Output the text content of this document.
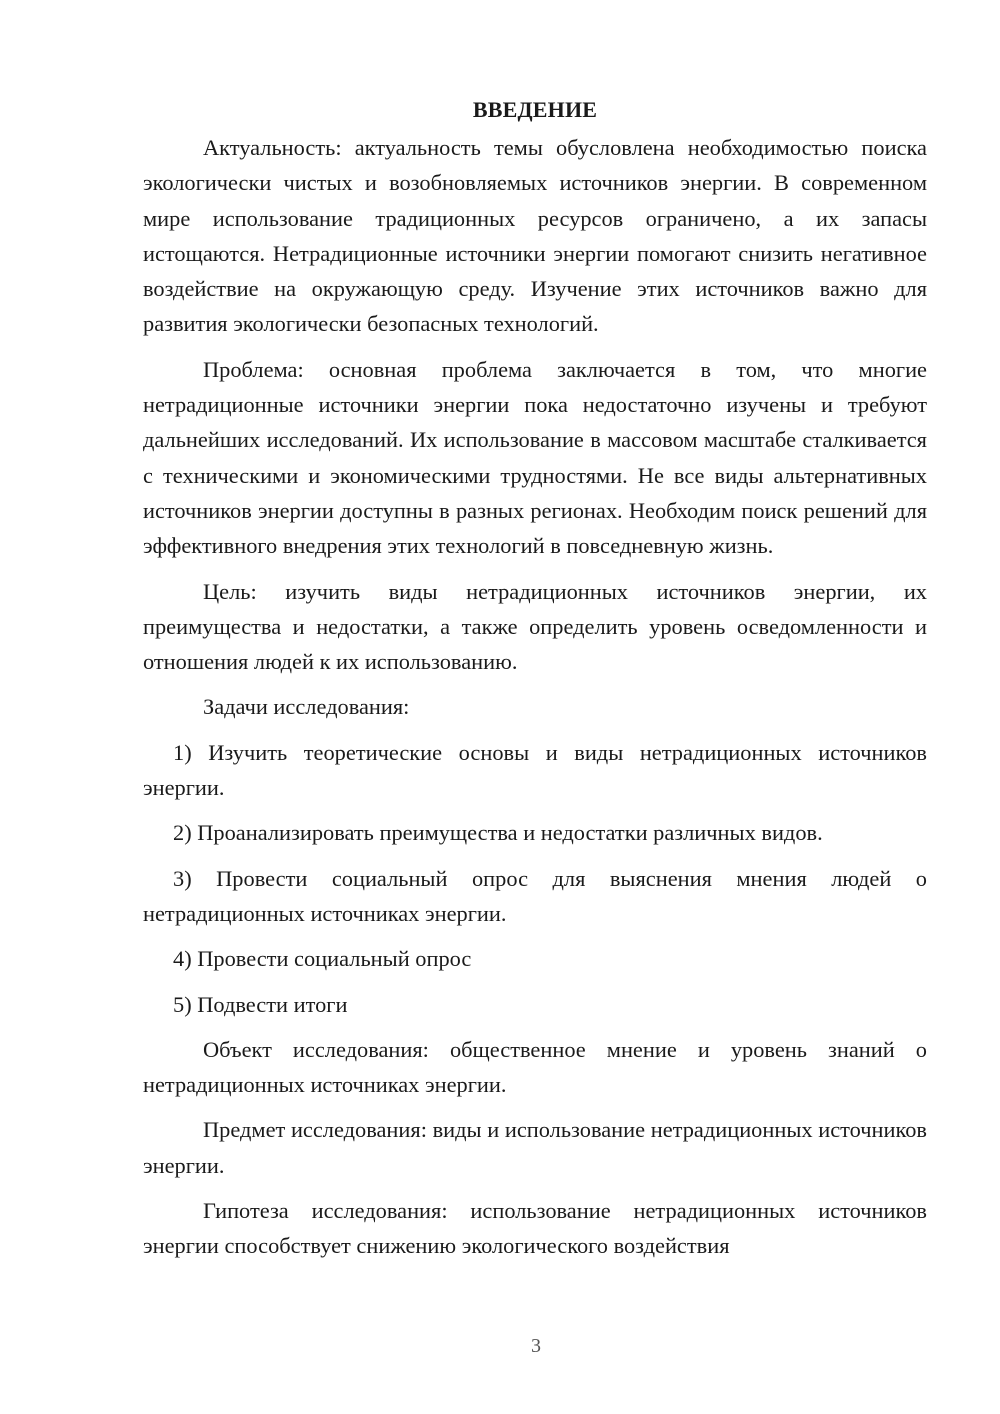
ВВЕДЕНИЕ

Актуальность: актуальность темы обусловлена необходимостью поиска экологически чистых и возобновляемых источников энергии. В современном мире использование традиционных ресурсов ограничено, а их запасы истощаются. Нетрадиционные источники энергии помогают снизить негативное воздействие на окружающую среду. Изучение этих источников важно для развития экологически безопасных технологий.

Проблема: основная проблема заключается в том, что многие нетрадиционные источники энергии пока недостаточно изучены и требуют дальнейших исследований. Их использование в массовом масштабе сталкивается с техническими и экономическими трудностями. Не все виды альтернативных источников энергии доступны в разных регионах. Необходим поиск решений для эффективного внедрения этих технологий в повседневную жизнь.

Цель: изучить виды нетрадиционных источников энергии, их преимущества и недостатки, а также определить уровень осведомленности и отношения людей к их использованию.

Задачи исследования:

1) Изучить теоретические основы и виды нетрадиционных источников энергии.

2) Проанализировать преимущества и недостатки различных видов.

3) Провести социальный опрос для выяснения мнения людей о нетрадиционных источниках энергии.

4) Провести социальный опрос

5) Подвести итоги

Объект исследования: общественное мнение и уровень знаний о нетрадиционных источниках энергии.

Предмет исследования: виды и использование нетрадиционных источников энергии.

Гипотеза исследования: использование нетрадиционных источников энергии способствует снижению экологического воздействия

3
